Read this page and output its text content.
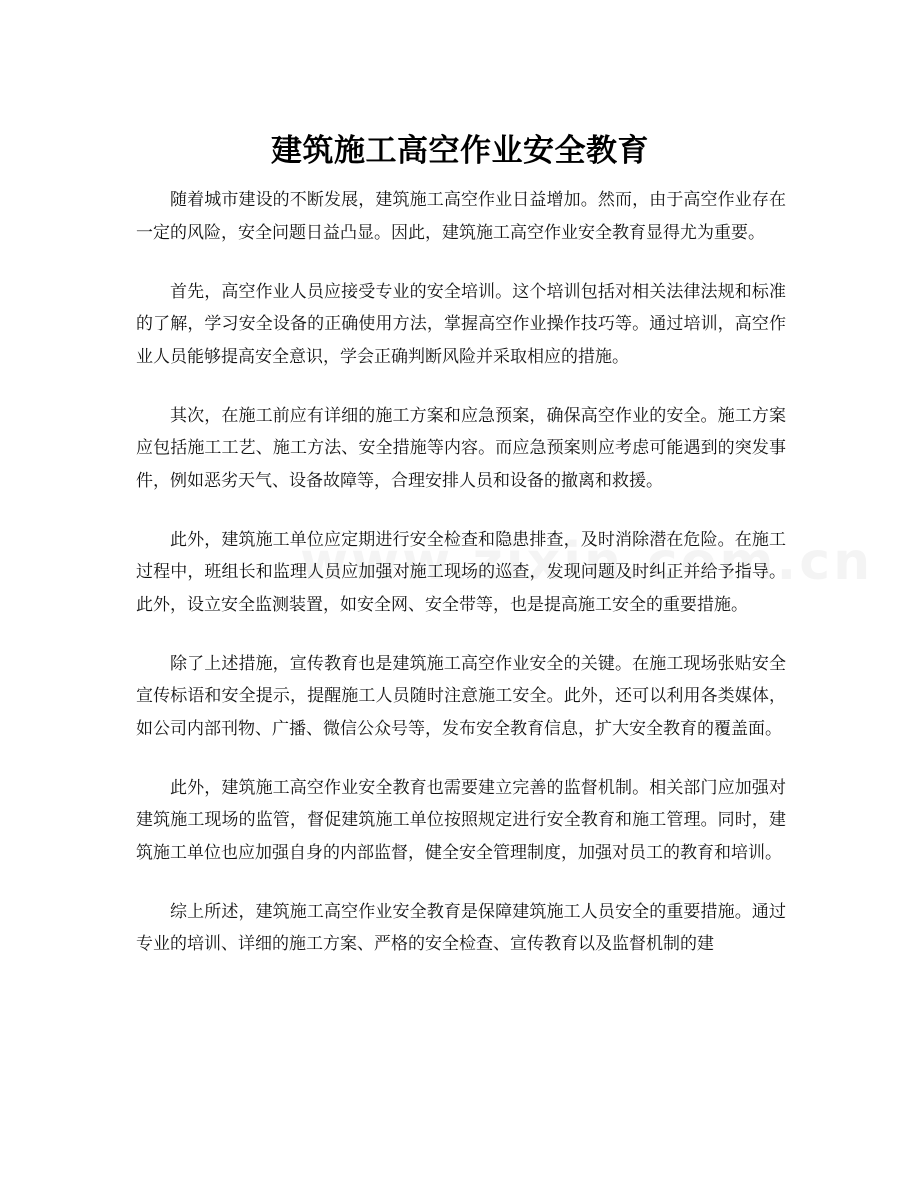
建筑施工高空作业安全教育

随着城市建设的不断发展，建筑施工高空作业日益增加。然而，由于高空作业存在一定的风险，安全问题日益凸显。因此，建筑施工高空作业安全教育显得尤为重要。

首先，高空作业人员应接受专业的安全培训。这个培训包括对相关法律法规和标准的了解，学习安全设备的正确使用方法，掌握高空作业操作技巧等。通过培训，高空作业人员能够提高安全意识，学会正确判断风险并采取相应的措施。

其次，在施工前应有详细的施工方案和应急预案，确保高空作业的安全。施工方案应包括施工工艺、施工方法、安全措施等内容。而应急预案则应考虑可能遇到的突发事件，例如恶劣天气、设备故障等，合理安排人员和设备的撤离和救援。

此外，建筑施工单位应定期进行安全检查和隐患排查，及时消除潜在危险。在施工过程中，班组长和监理人员应加强对施工现场的巡查，发现问题及时纠正并给予指导。此外，设立安全监测装置，如安全网、安全带等，也是提高施工安全的重要措施。

除了上述措施，宣传教育也是建筑施工高空作业安全的关键。在施工现场张贴安全宣传标语和安全提示，提醒施工人员随时注意施工安全。此外，还可以利用各类媒体，如公司内部刊物、广播、微信公众号等，发布安全教育信息，扩大安全教育的覆盖面。

此外，建筑施工高空作业安全教育也需要建立完善的监督机制。相关部门应加强对建筑施工现场的监管，督促建筑施工单位按照规定进行安全教育和施工管理。同时，建筑施工单位也应加强自身的内部监督，健全安全管理制度，加强对员工的教育和培训。

综上所述，建筑施工高空作业安全教育是保障建筑施工人员安全的重要措施。通过专业的培训、详细的施工方案、严格的安全检查、宣传教育以及监督机制的建
